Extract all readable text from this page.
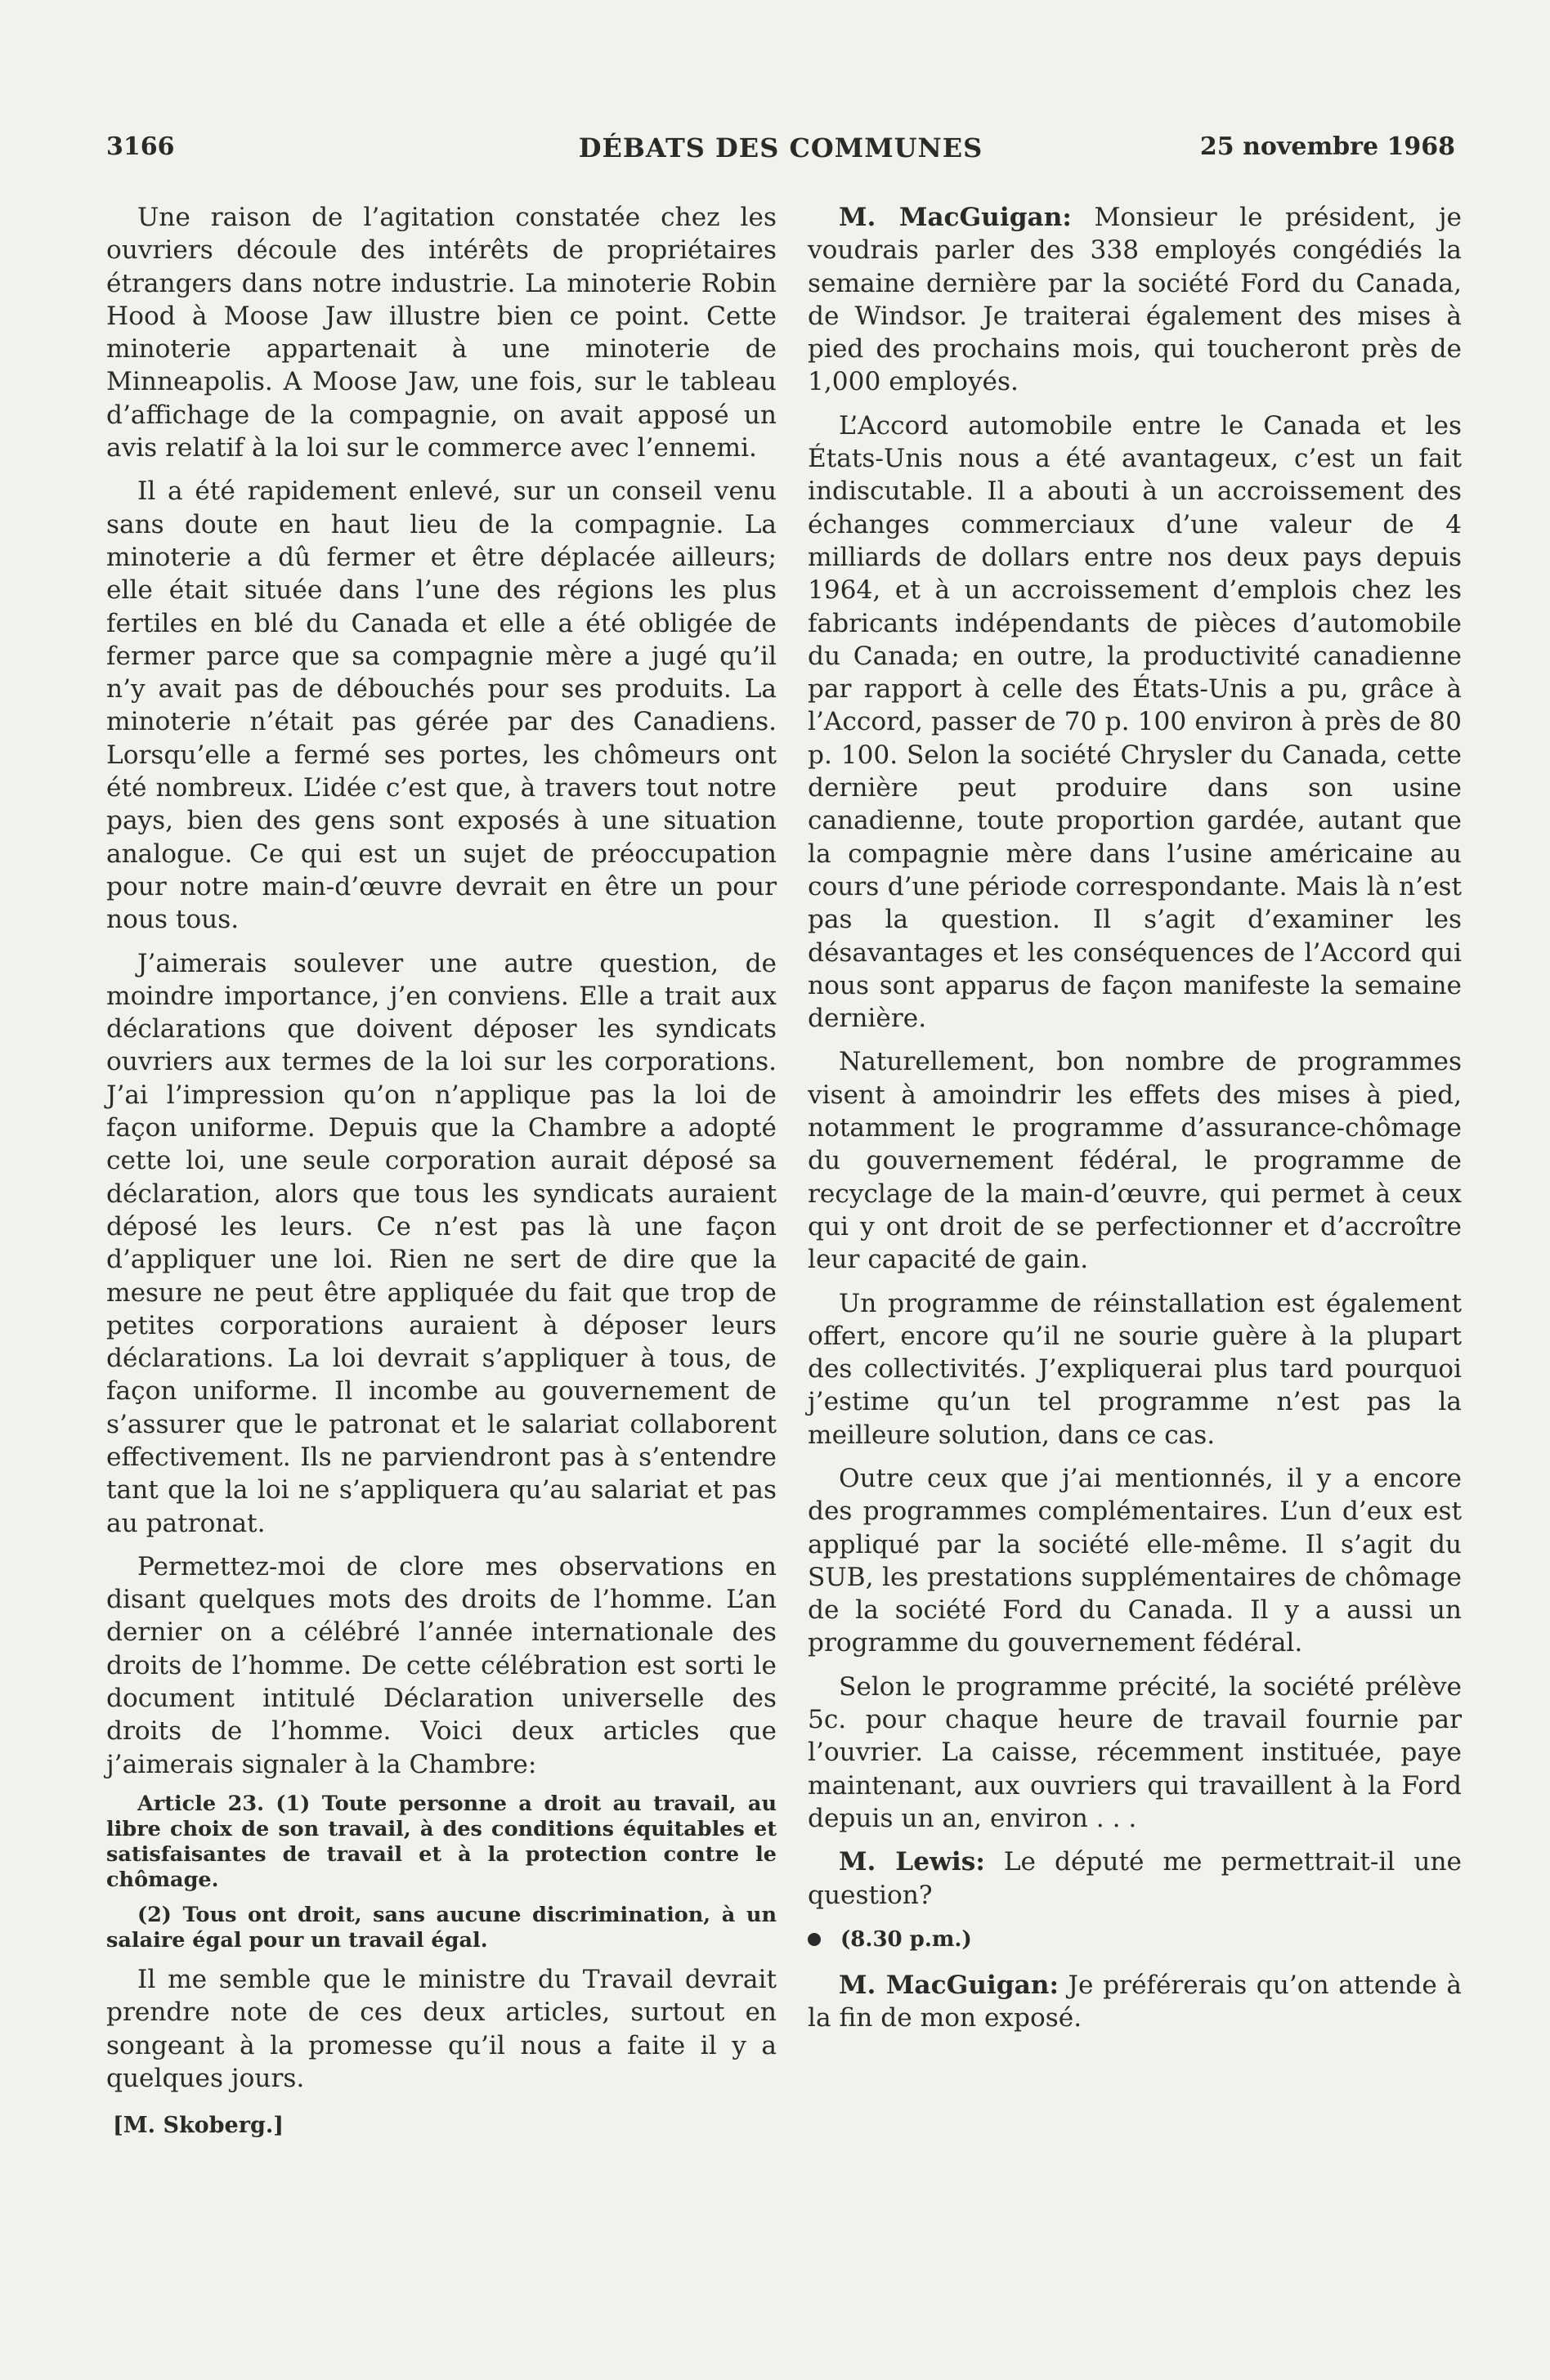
3166	DÉBATS DES COMMUNES	25 novembre 1968

Une raison de l’agitation constatée chez les ouvriers découle des intérêts de propriétaires étrangers dans notre industrie. La minoterie Robin Hood à Moose Jaw illustre bien ce point. Cette minoterie appartenait à une minoterie de Minneapolis. A Moose Jaw, une fois, sur le tableau d’affichage de la compagnie, on avait apposé un avis relatif à la loi sur le commerce avec l’ennemi.

Il a été rapidement enlevé, sur un conseil venu sans doute en haut lieu de la compagnie. La minoterie a dû fermer et être déplacée ailleurs; elle était située dans l’une des régions les plus fertiles en blé du Canada et elle a été obligée de fermer parce que sa compagnie mère a jugé qu’il n’y avait pas de débouchés pour ses produits. La minoterie n’était pas gérée par des Canadiens. Lorsqu’elle a fermé ses portes, les chômeurs ont été nombreux. L’idée c’est que, à travers tout notre pays, bien des gens sont exposés à une situation analogue. Ce qui est un sujet de préoccupation pour notre main-d’œuvre devrait en être un pour nous tous.

J’aimerais soulever une autre question, de moindre importance, j’en conviens. Elle a trait aux déclarations que doivent déposer les syndicats ouvriers aux termes de la loi sur les corporations. J’ai l’impression qu’on n’applique pas la loi de façon uniforme. Depuis que la Chambre a adopté cette loi, une seule corporation aurait déposé sa déclaration, alors que tous les syndicats auraient déposé les leurs. Ce n’est pas là une façon d’appliquer une loi. Rien ne sert de dire que la mesure ne peut être appliquée du fait que trop de petites corporations auraient à déposer leurs déclarations. La loi devrait s’appliquer à tous, de façon uniforme. Il incombe au gouvernement de s’assurer que le patronat et le salariat collaborent effectivement. Ils ne parviendront pas à s’entendre tant que la loi ne s’appliquera qu’au salariat et pas au patronat.

Permettez-moi de clore mes observations en disant quelques mots des droits de l’homme. L’an dernier on a célébré l’année internationale des droits de l’homme. De cette célébration est sorti le document intitulé Déclaration universelle des droits de l’homme. Voici deux articles que j’aimerais signaler à la Chambre:

Article 23. (1) Toute personne a droit au travail, au libre choix de son travail, à des conditions équitables et satisfaisantes de travail et à la protection contre le chômage.
(2) Tous ont droit, sans aucune discrimination, à un salaire égal pour un travail égal.

Il me semble que le ministre du Travail devrait prendre note de ces deux articles, surtout en songeant à la promesse qu’il nous a faite il y a quelques jours.

[M. Skoberg.]

M. MacGuigan: Monsieur le président, je voudrais parler des 338 employés congédiés la semaine dernière par la société Ford du Canada, de Windsor. Je traiterai également des mises à pied des prochains mois, qui toucheront près de 1,000 employés.

L’Accord automobile entre le Canada et les États-Unis nous a été avantageux, c’est un fait indiscutable. Il a abouti à un accroissement des échanges commerciaux d’une valeur de 4 milliards de dollars entre nos deux pays depuis 1964, et à un accroissement d’emplois chez les fabricants indépendants de pièces d’automobile du Canada; en outre, la productivité canadienne par rapport à celle des États-Unis a pu, grâce à l’Accord, passer de 70 p. 100 environ à près de 80 p. 100. Selon la société Chrysler du Canada, cette dernière peut produire dans son usine canadienne, toute proportion gardée, autant que la compagnie mère dans l’usine américaine au cours d’une période correspondante. Mais là n’est pas la question. Il s’agit d’examiner les désavantages et les conséquences de l’Accord qui nous sont apparus de façon manifeste la semaine dernière.

Naturellement, bon nombre de programmes visent à amoindrir les effets des mises à pied, notamment le programme d’assurance-chômage du gouvernement fédéral, le programme de recyclage de la main-d’œuvre, qui permet à ceux qui y ont droit de se perfectionner et d’accroître leur capacité de gain.

Un programme de réinstallation est également offert, encore qu’il ne sourie guère à la plupart des collectivités. J’expliquerai plus tard pourquoi j’estime qu’un tel programme n’est pas la meilleure solution, dans ce cas.

Outre ceux que j’ai mentionnés, il y a encore des programmes complémentaires. L’un d’eux est appliqué par la société elle-même. Il s’agit du SUB, les prestations supplémentaires de chômage de la société Ford du Canada. Il y a aussi un programme du gouvernement fédéral.

Selon le programme précité, la société prélève 5c. pour chaque heure de travail fournie par l’ouvrier. La caisse, récemment instituée, paye maintenant, aux ouvriers qui travaillent à la Ford depuis un an, environ . . .

M. Lewis: Le député me permettrait-il une question?

(8.30 p.m.)

M. MacGuigan: Je préférerais qu’on attende à la fin de mon exposé.
